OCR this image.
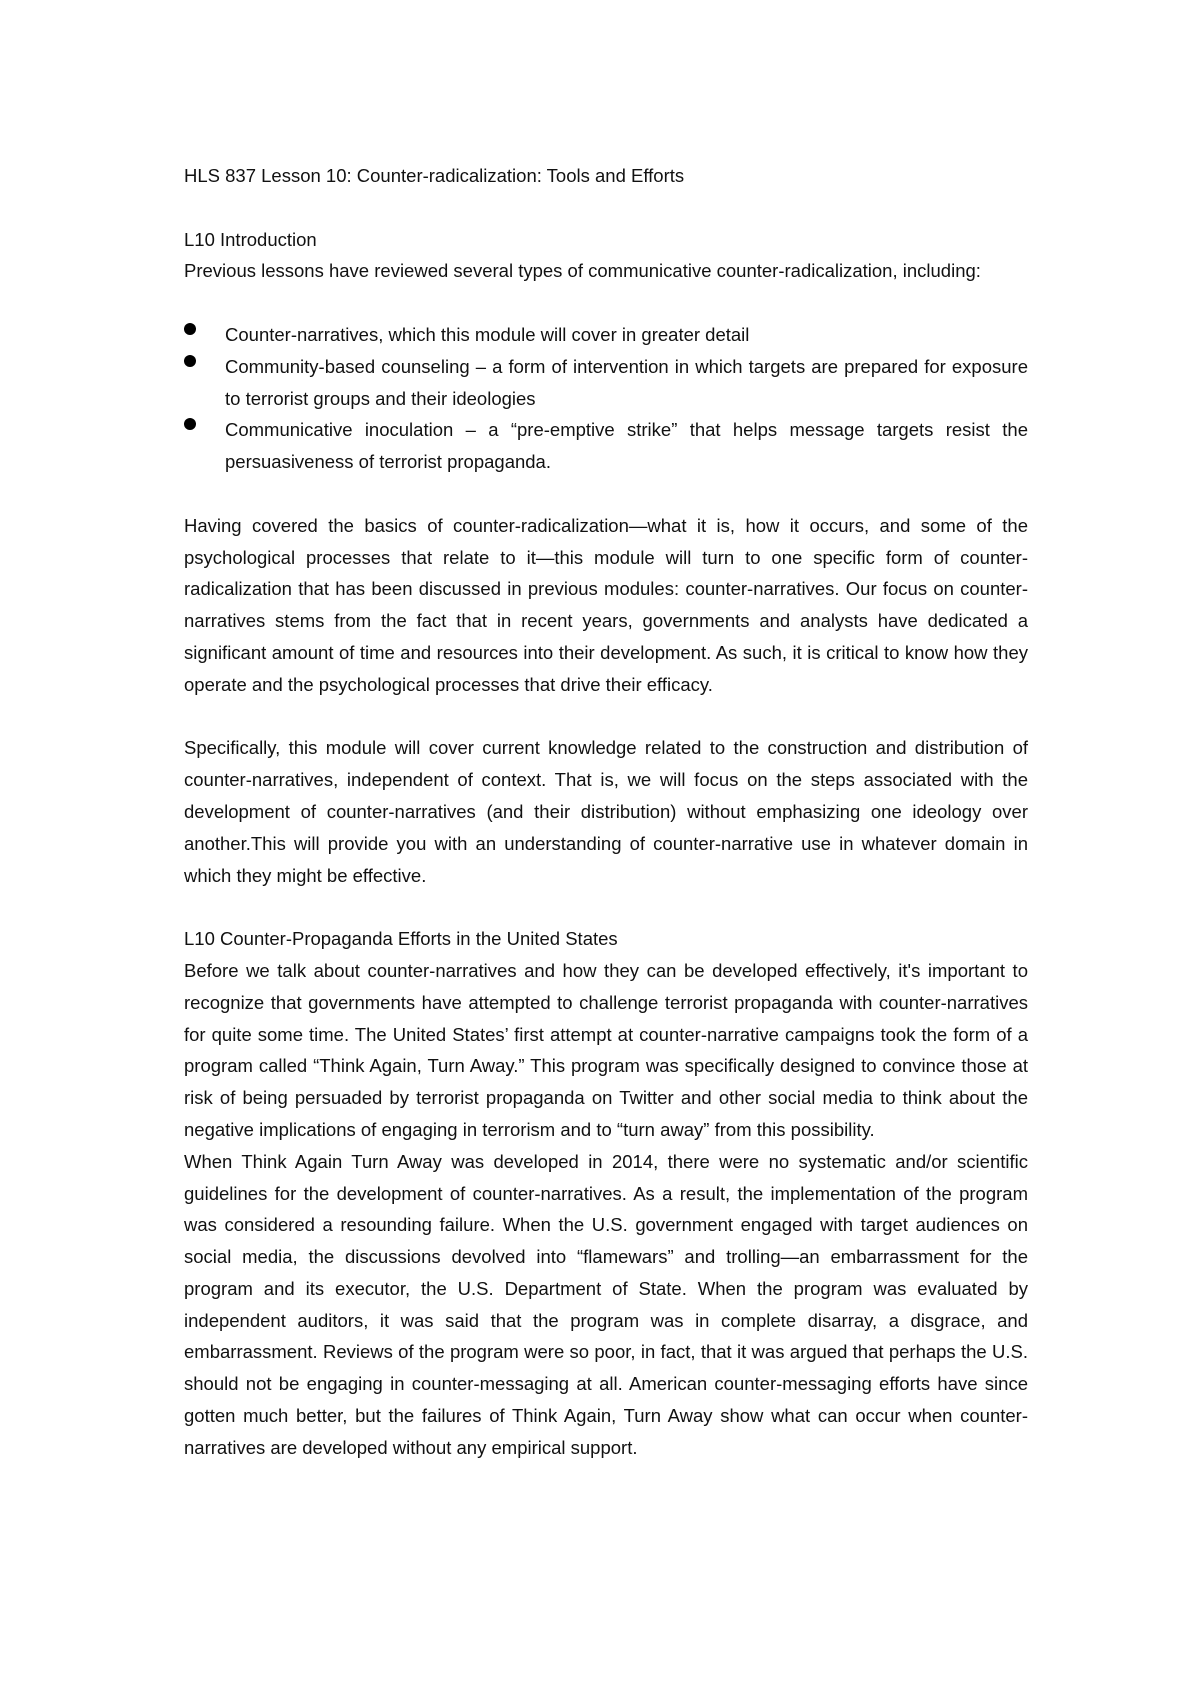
HLS 837 Lesson 10: Counter-radicalization: Tools and Efforts

L10 Introduction

Previous lessons have reviewed several types of communicative counter-radicalization, including:

Counter-narratives, which this module will cover in greater detail
Community-based counseling – a form of intervention in which targets are prepared for exposure to terrorist groups and their ideologies
Communicative inoculation – a “pre-emptive strike” that helps message targets resist the persuasiveness of terrorist propaganda.

Having covered the basics of counter-radicalization—what it is, how it occurs, and some of the psychological processes that relate to it—this module will turn to one specific form of counter-radicalization that has been discussed in previous modules: counter-narratives. Our focus on counter-narratives stems from the fact that in recent years, governments and analysts have dedicated a significant amount of time and resources into their development. As such, it is critical to know how they operate and the psychological processes that drive their efficacy.

Specifically, this module will cover current knowledge related to the construction and distribution of counter-narratives, independent of context. That is, we will focus on the steps associated with the development of counter-narratives (and their distribution) without emphasizing one ideology over another.This will provide you with an understanding of counter-narrative use in whatever domain in which they might be effective.

L10 Counter-Propaganda Efforts in the United States

Before we talk about counter-narratives and how they can be developed effectively, it's important to recognize that governments have attempted to challenge terrorist propaganda with counter-narratives for quite some time. The United States’ first attempt at counter-narrative campaigns took the form of a program called “Think Again, Turn Away.” This program was specifically designed to convince those at risk of being persuaded by terrorist propaganda on Twitter and other social media to think about the negative implications of engaging in terrorism and to “turn away” from this possibility.

When Think Again Turn Away was developed in 2014, there were no systematic and/or scientific guidelines for the development of counter-narratives. As a result, the implementation of the program was considered a resounding failure. When the U.S. government engaged with target audiences on social media, the discussions devolved into “flamewars” and trolling—an embarrassment for the program and its executor, the U.S. Department of State. When the program was evaluated by independent auditors, it was said that the program was in complete disarray, a disgrace, and embarrassment. Reviews of the program were so poor, in fact, that it was argued that perhaps the U.S. should not be engaging in counter-messaging at all. American counter-messaging efforts have since gotten much better, but the failures of Think Again, Turn Away show what can occur when counter-narratives are developed without any empirical support.
